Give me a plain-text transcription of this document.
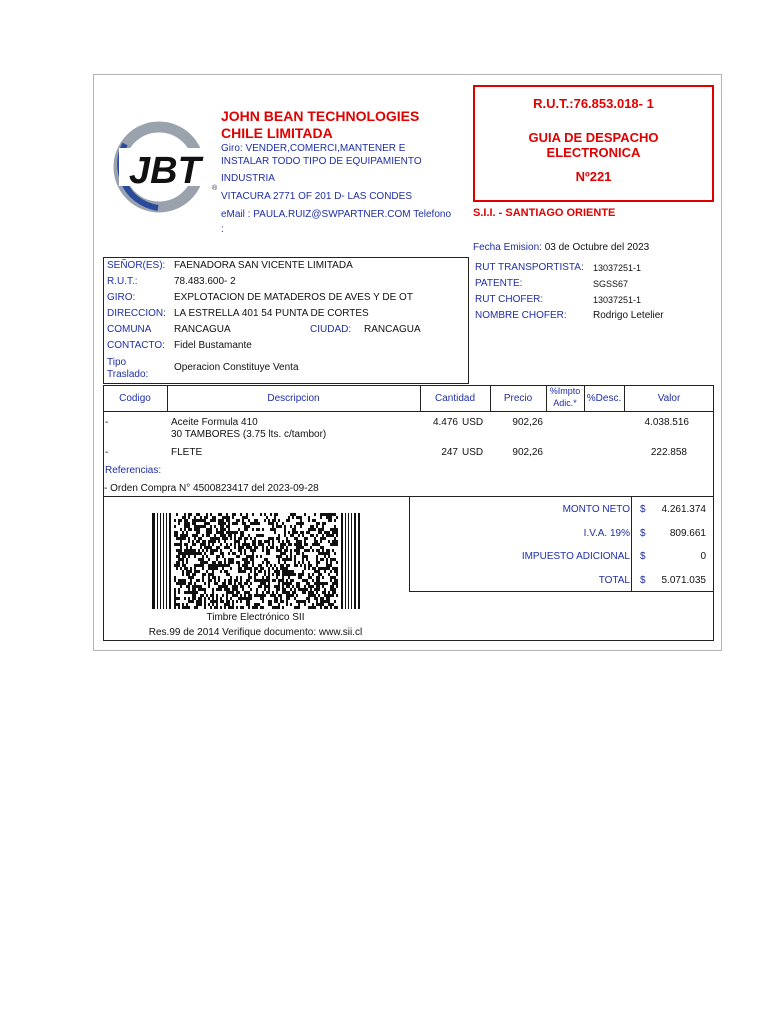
JBT	®
JOHN BEAN TECHNOLOGIES
CHILE LIMITADA
Giro: VENDER,COMERCI,MANTENER E
INSTALAR TODO TIPO DE EQUIPAMIENTO
INDUSTRIA
VITACURA 2771 OF 201 D- LAS CONDES
eMail : PAULA.RUIZ@SWPARTNER.COM Telefono
:
R.U.T.:76.853.018- 1
GUIA DE DESPACHO
ELECTRONICA
Nº221
S.I.I. - SANTIAGO ORIENTE
Fecha Emision: 03 de Octubre del 2023
SEÑOR(ES): FAENADORA SAN VICENTE LIMITADA
R.U.T.:	78.483.600- 2
GIRO:	EXPLOTACION DE MATADEROS DE AVES Y DE OT
DIRECCION: LA ESTRELLA 401 54 PUNTA DE CORTES
COMUNA RANCAGUA	CIUDAD: RANCAGUA
CONTACTO: Fidel Bustamante
Tipo
Traslado:
Operacion Constituye Venta
RUT TRANSPORTISTA: 13037251-1
PATENTE:	SGSS67
RUT CHOFER:	13037251-1
NOMBRE CHOFER:	Rodrigo Letelier
Codigo	Descripcion	Cantidad	Precio
%Impto
Adic.*	%Desc.	Valor
-	Aceite Formula 410
30 TAMBORES (3.75 lts. c/tambor)
4.476 USD	902,26	4.038.516
-	FLETE	247 USD	902,26	222.858
Referencias:
- Orden Compra N° 4500823417 del 2023-09-28
MONTO NETO $	4.261.374
I.V.A. 19% $	809.661
IMPUESTO ADICIONAL $	0
TOTAL $	5.071.035
Timbre Electrónico SII
Res.99 de 2014 Verifique documento: www.sii.cl
